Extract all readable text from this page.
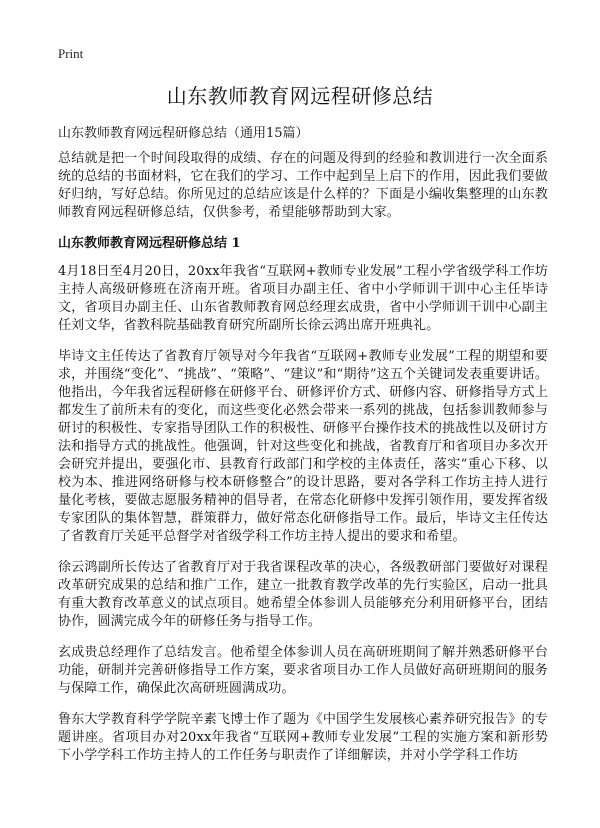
Print
山东教师教育网远程研修总结

山东教师教育网远程研修总结（通用15篇）

总结就是把一个时间段取得的成绩、存在的问题及得到的经验和教训进行一次全面系统的总结的书面材料，它在我们的学习、工作中起到呈上启下的作用，因此我们要做好归纳，写好总结。你所见过的总结应该是什么样的？下面是小编收集整理的山东教师教育网远程研修总结，仅供参考，希望能够帮助到大家。

山东教师教育网远程研修总结 1

4月18日至4月20日，20xx年我省“互联网+教师专业发展”工程小学省级学科工作坊主持人高级研修班在济南开班。省项目办副主任、省中小学师训干训中心主任毕诗文，省项目办副主任、山东省教师教育网总经理玄成贵，省中小学师训干训中心副主任刘文华，省教科院基础教育研究所副所长徐云鸿出席开班典礼。

毕诗文主任传达了省教育厅领导对今年我省“互联网+教师专业发展”工程的期望和要求，并围绕“变化”、“挑战”、“策略”、“建议”和“期待”这五个关键词发表重要讲话。他指出，今年我省远程研修在研修平台、研修评价方式、研修内容、研修指导方式上都发生了前所未有的变化，而这些变化必然会带来一系列的挑战，包括参训教师参与研讨的积极性、专家指导团队工作的积极性、研修平台操作技术的挑战性以及研讨方法和指导方式的挑战性。他强调，针对这些变化和挑战，省教育厅和省项目办多次开会研究并提出，要强化市、县教育行政部门和学校的主体责任，落实“重心下移、以校为本、推进网络研修与校本研修整合”的设计思路，要对各学科工作坊主持人进行量化考核，要做志愿服务精神的倡导者，在常态化研修中发挥引领作用，要发挥省级专家团队的集体智慧，群策群力，做好常态化研修指导工作。最后，毕诗文主任传达了省教育厅关延平总督学对省级学科工作坊主持人提出的要求和希望。

徐云鸿副所长传达了省教育厅对于我省课程改革的决心，各级教研部门要做好对课程改革研究成果的总结和推广工作，建立一批教育教学改革的先行实验区，启动一批具有重大教育改革意义的试点项目。她希望全体参训人员能够充分利用研修平台，团结协作，圆满完成今年的研修任务与指导工作。

玄成贵总经理作了总结发言。他希望全体参训人员在高研班期间了解并熟悉研修平台功能，研制并完善研修指导工作方案，要求省项目办工作人员做好高研班期间的服务与保障工作，确保此次高研班圆满成功。

鲁东大学教育科学学院辛素飞博士作了题为《中国学生发展核心素养研究报告》的专题讲座。省项目办对20xx年我省“互联网+教师专业发展”工程的实施方案和新形势下小学学科工作坊主持人的工作任务与职责作了详细解读，并对小学学科工作坊
